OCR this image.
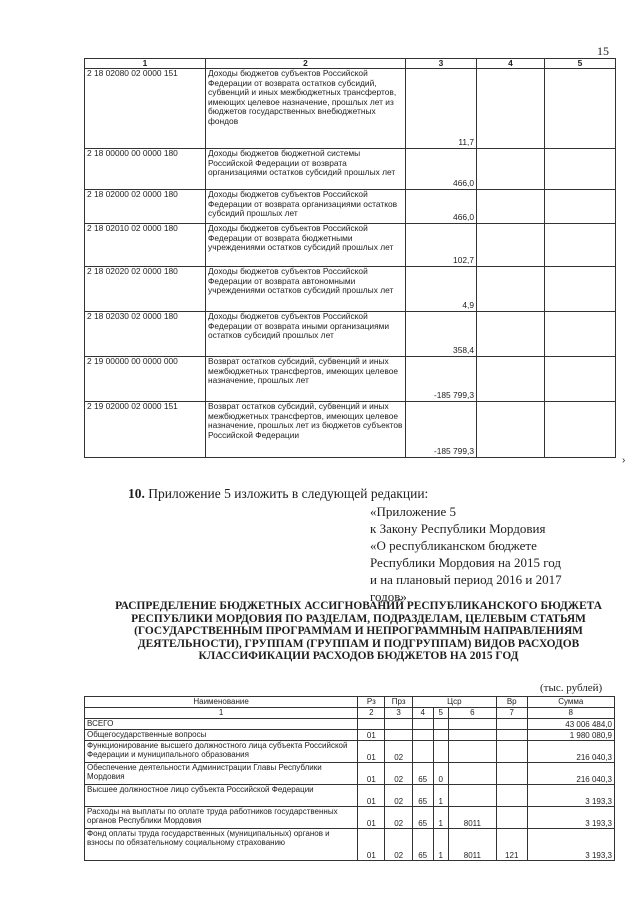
15
1	2	3	4	5
2 18 02080 02 0000 151	Доходы бюджетов субъектов Российской Федерации от возврата остатков субсидий, субвенций и иных межбюджетных трансфертов, имеющих целевое назначение, прошлых лет из бюджетов государственных внебюджетных фондов	11,7		
2 18 00000 00 0000 180	Доходы бюджетов бюджетной системы Российской Федерации от возврата организациями остатков субсидий прошлых лет	466,0		
2 18 02000 02 0000 180	Доходы бюджетов субъектов Российской Федерации от возврата организациями остатков субсидий прошлых лет	466,0		
2 18 02010 02 0000 180	Доходы бюджетов субъектов Российской Федерации от возврата бюджетными учреждениями остатков субсидий прошлых лет	102,7		
2 18 02020 02 0000 180	Доходы бюджетов субъектов Российской Федерации от возврата автономными учреждениями остатков субсидий прошлых лет	4,9		
2 18 02030 02 0000 180	Доходы бюджетов субъектов Российской Федерации от возврата иными организациями остатков субсидий прошлых лет	358,4		
2 19 00000 00 0000 000	Возврат остатков субсидий, субвенций и иных межбюджетных трансфертов, имеющих целевое назначение, прошлых лет	-185 799,3		
2 19 02000 02 0000 151	Возврат остатков субсидий, субвенций и иных межбюджетных трансфертов, имеющих целевое назначение, прошлых лет из бюджетов субъектов Российской Федерации	-185 799,3		
›
10. Приложение 5 изложить в следующей редакции:
«Приложение 5
к Закону Республики Мордовия
«О республиканском бюджете
Республики Мордовия на 2015 год
и на плановый период 2016 и 2017
годов»
РАСПРЕДЕЛЕНИЕ БЮДЖЕТНЫХ АССИГНОВАНИЙ РЕСПУБЛИКАНСКОГО БЮДЖЕТА РЕСПУБЛИКИ МОРДОВИЯ ПО РАЗДЕЛАМ, ПОДРАЗДЕЛАМ, ЦЕЛЕВЫМ СТАТЬЯМ (ГОСУДАРСТВЕННЫМ ПРОГРАММАМ И НЕПРОГРАММНЫМ НАПРАВЛЕНИЯМ ДЕЯТЕЛЬНОСТИ), ГРУППАМ (ГРУППАМ И ПОДГРУППАМ) ВИДОВ РАСХОДОВ КЛАССИФИКАЦИИ РАСХОДОВ БЮДЖЕТОВ НА 2015 ГОД
(тыс. рублей)
Наименование	Рз	Прз	Цср			Вр	Сумма
1	2	3	4	5	6	7	8
ВСЕГО							43 006 484,0
Общегосударственные вопросы	01						1 980 080,9
Функционирование высшего должностного лица субъекта Российской Федерации и муниципального образования	01	02					216 040,3
Обеспечение деятельности Администрации Главы Республики Мордовия	01	02	65	0			216 040,3
Высшее должностное лицо субъекта Российской Федерации	01	02	65	1			3 193,3
Расходы на выплаты по оплате труда работников государственных органов Республики Мордовия	01	02	65	1	8011		3 193,3
Фонд оплаты труда государственных (муниципальных) органов и взносы по обязательному социальному страхованию	01	02	65	1	8011	121	3 193,3
